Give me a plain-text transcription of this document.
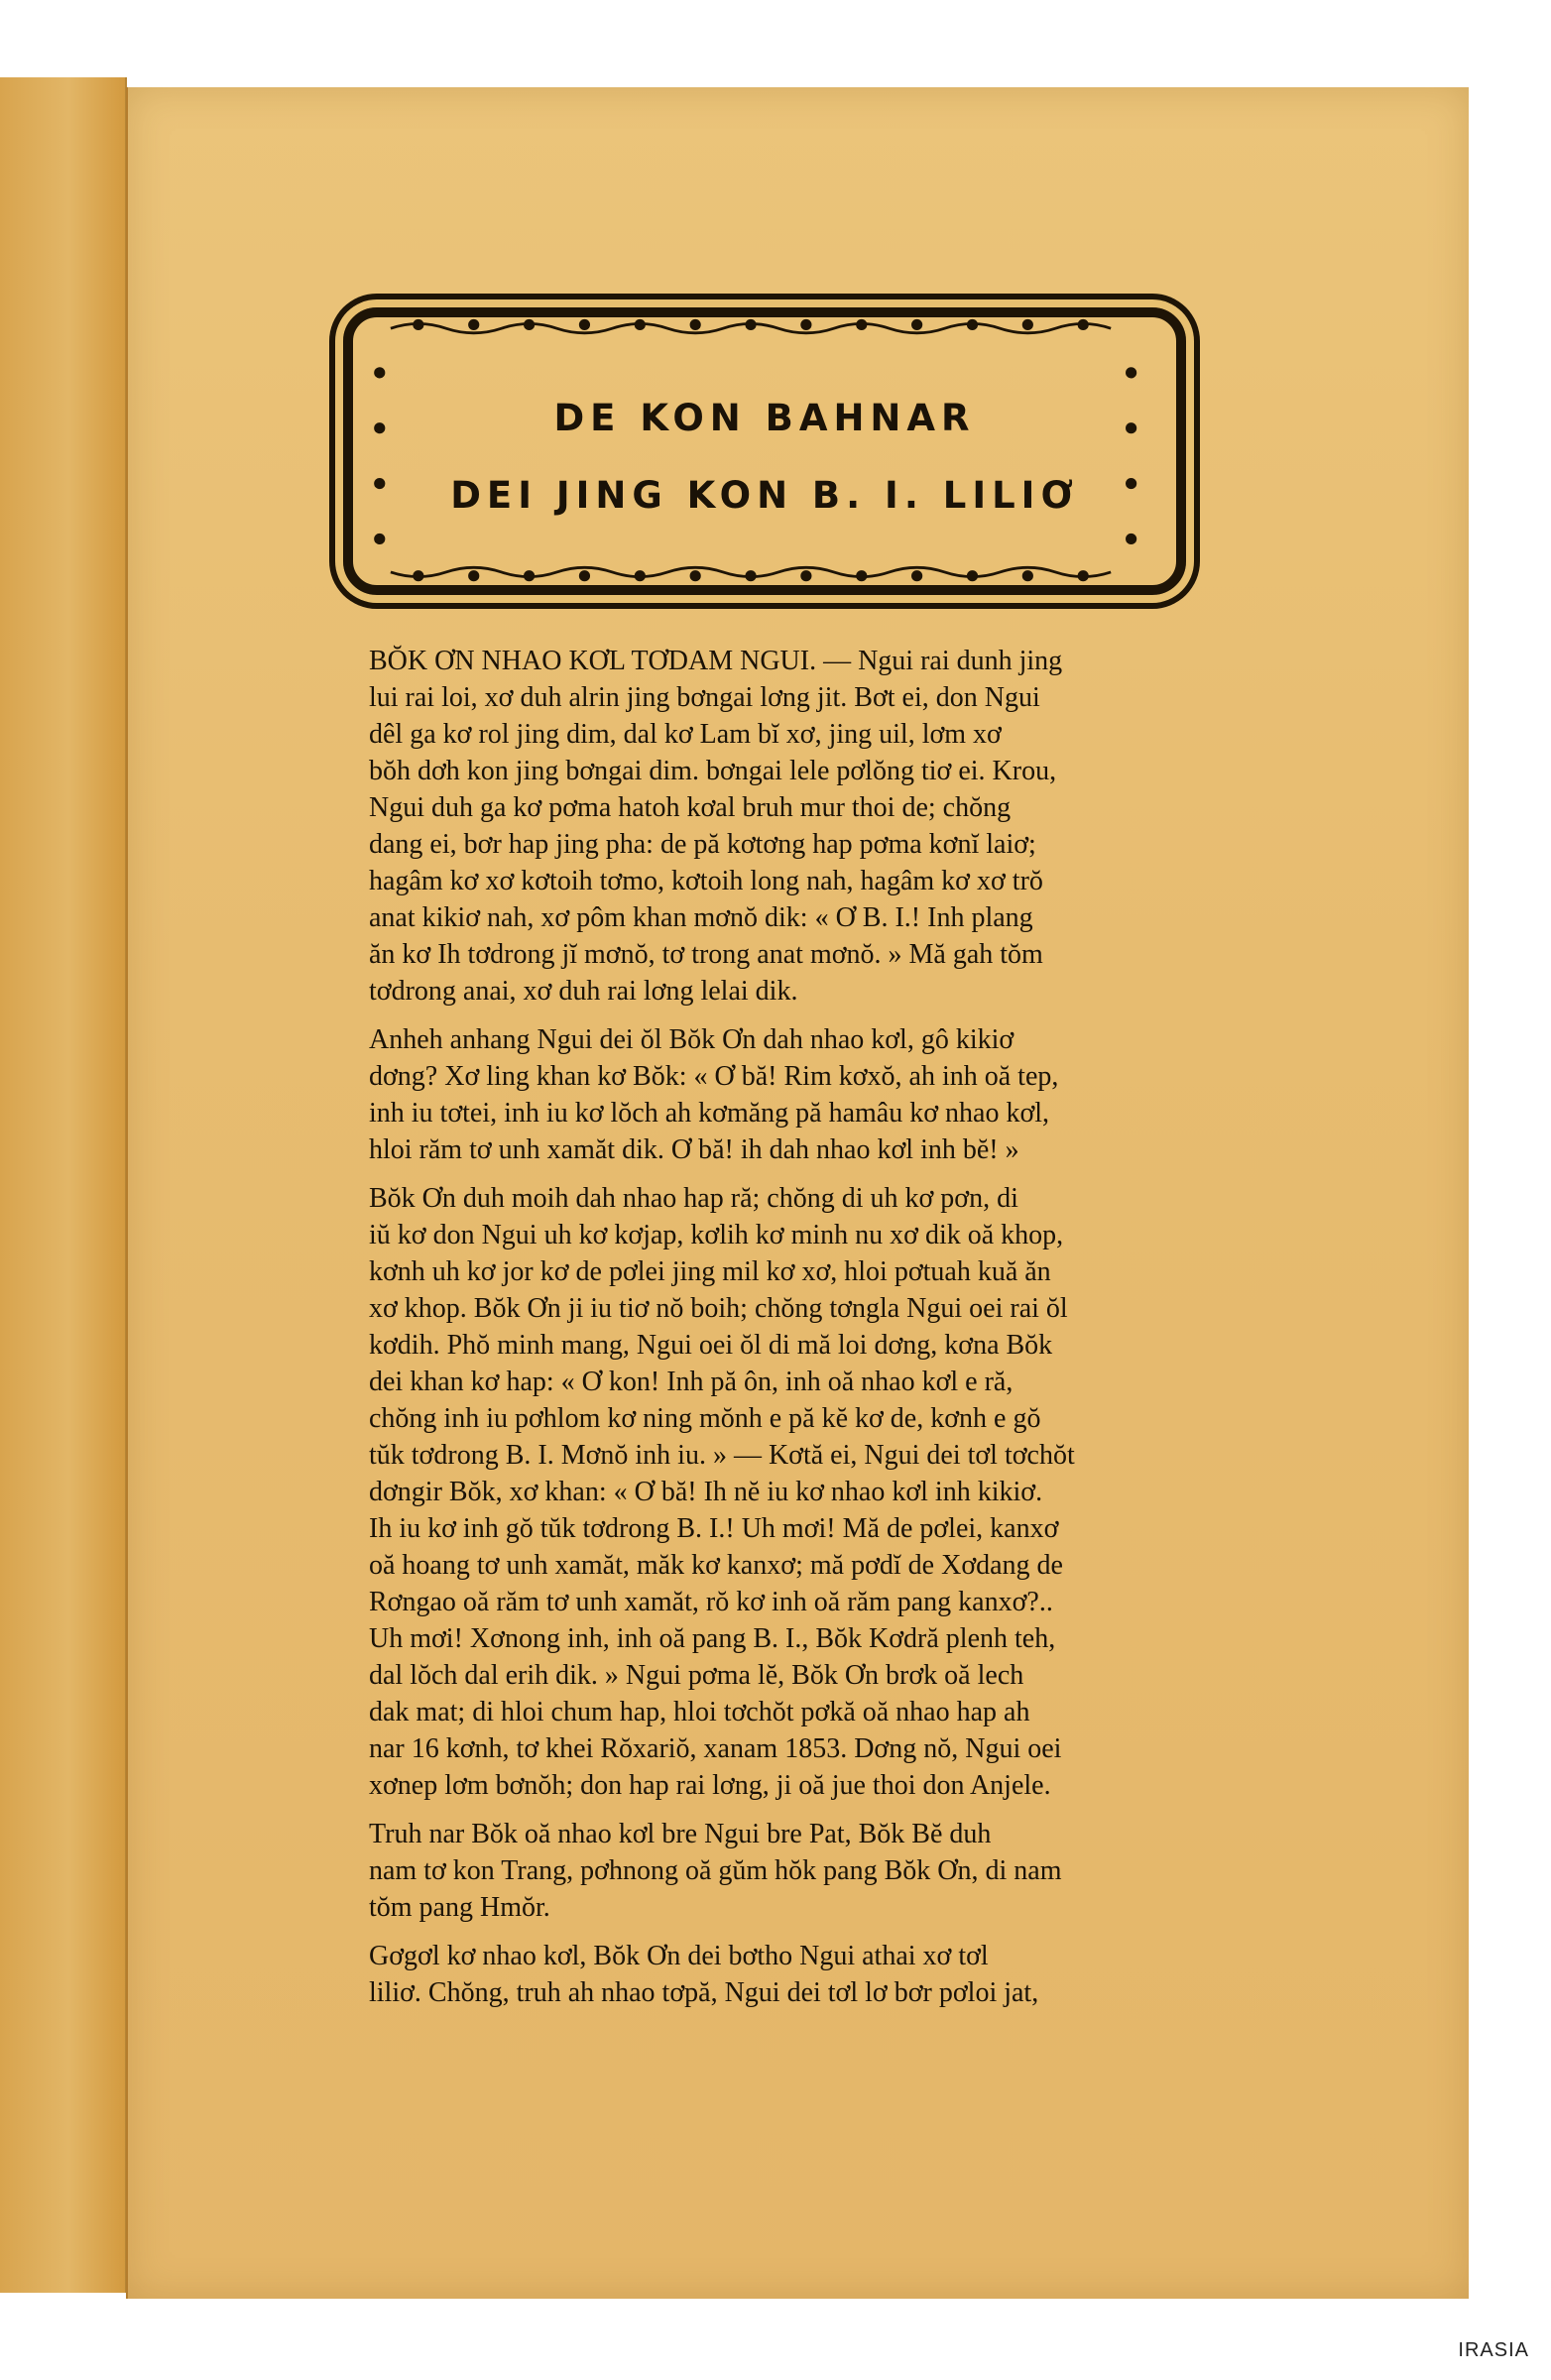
DE KON BAHNAR
DEI JING KON B. I. LILIƠ

BŎK ƠN NHAO KƠL TƠDAM NGUI. — Ngui rai dunh jing
lui rai loi, xơ duh alrin jing bơngai lơng jit. Bơt ei, don Ngui
dêl ga kơ rol jing dim, dal kơ Lam bĭ xơ, jing uil, lơm xơ
bŏh dơh kon jing bơngai dim. bơngai lele pơlŏng tiơ ei. Krou,
Ngui duh ga kơ pơma hatoh kơal bruh mur thoi de; chŏng
dang ei, bơr hap jing pha: de pă kơtơng hap pơma kơnĭ laiơ;
hagâm kơ xơ kơtoih tơmo, kơtoih long nah, hagâm kơ xơ trŏ
anat kikiơ nah, xơ pôm khan mơnŏ dik: « Ơ B. I.! Inh plang
ăn kơ Ih tơdrong jĭ mơnŏ, tơ trong anat mơnŏ. » Mă gah tŏm
tơdrong anai, xơ duh rai lơng lelai dik.

Anheh anhang Ngui dei ŏl Bŏk Ơn dah nhao kơl, gô kikiơ
dơng? Xơ ling khan kơ Bŏk: « Ơ bă! Rim kơxŏ, ah inh oă tep,
inh iu tơtei, inh iu kơ lŏch ah kơmăng pă hamâu kơ nhao kơl,
hloi răm tơ unh xamăt dik. Ơ bă! ih dah nhao kơl inh bĕ! »

Bŏk Ơn duh moih dah nhao hap ră; chŏng di uh kơ pơn, di
iŭ kơ don Ngui uh kơ kơjap, kơlih kơ minh nu xơ dik oă khop,
kơnh uh kơ jor kơ de pơlei jing mil kơ xơ, hloi pơtuah kuă ăn
xơ khop. Bŏk Ơn ji iu tiơ nŏ boih; chŏng tơngla Ngui oei rai ŏl
kơdih. Phŏ minh mang, Ngui oei ŏl di mă loi dơng, kơna Bŏk
dei khan kơ hap: « Ơ kon! Inh pă ôn, inh oă nhao kơl e ră,
chŏng inh iu pơhlom kơ ning mŏnh e pă kĕ kơ de, kơnh e gŏ
tŭk tơdrong B. I. Mơnŏ inh iu. » — Kơtă ei, Ngui dei tơl tơchŏt
dơngir Bŏk, xơ khan: « Ơ bă! Ih nĕ iu kơ nhao kơl inh kikiơ.
Ih iu kơ inh gŏ tŭk tơdrong B. I.! Uh mơi! Mă de pơlei, kanxơ
oă hoang tơ unh xamăt, măk kơ kanxơ; mă pơdĭ de Xơdang de
Rơngao oă răm tơ unh xamăt, rŏ kơ inh oă răm pang kanxơ?..
Uh mơi! Xơnong inh, inh oă pang B. I., Bŏk Kơdră plenh teh,
dal lŏch dal erih dik. » Ngui pơma lĕ, Bŏk Ơn brơk oă lech
dak mat; di hloi chum hap, hloi tơchŏt pơkă oă nhao hap ah
nar 16 kơnh, tơ khei Rŏxariŏ, xanam 1853. Dơng nŏ, Ngui oei
xơnep lơm bơnŏh; don hap rai lơng, ji oă jue thoi don Anjele.

Truh nar Bŏk oă nhao kơl bre Ngui bre Pat, Bŏk Bĕ duh
nam tơ kon Trang, pơhnong oă gŭm hŏk pang Bŏk Ơn, di nam
tŏm pang Hmŏr.

Gơgơl kơ nhao kơl, Bŏk Ơn dei bơtho Ngui athai xơ tơl
liliơ. Chŏng, truh ah nhao tơpă, Ngui dei tơl lơ bơr pơloi jat,

IRASIA
